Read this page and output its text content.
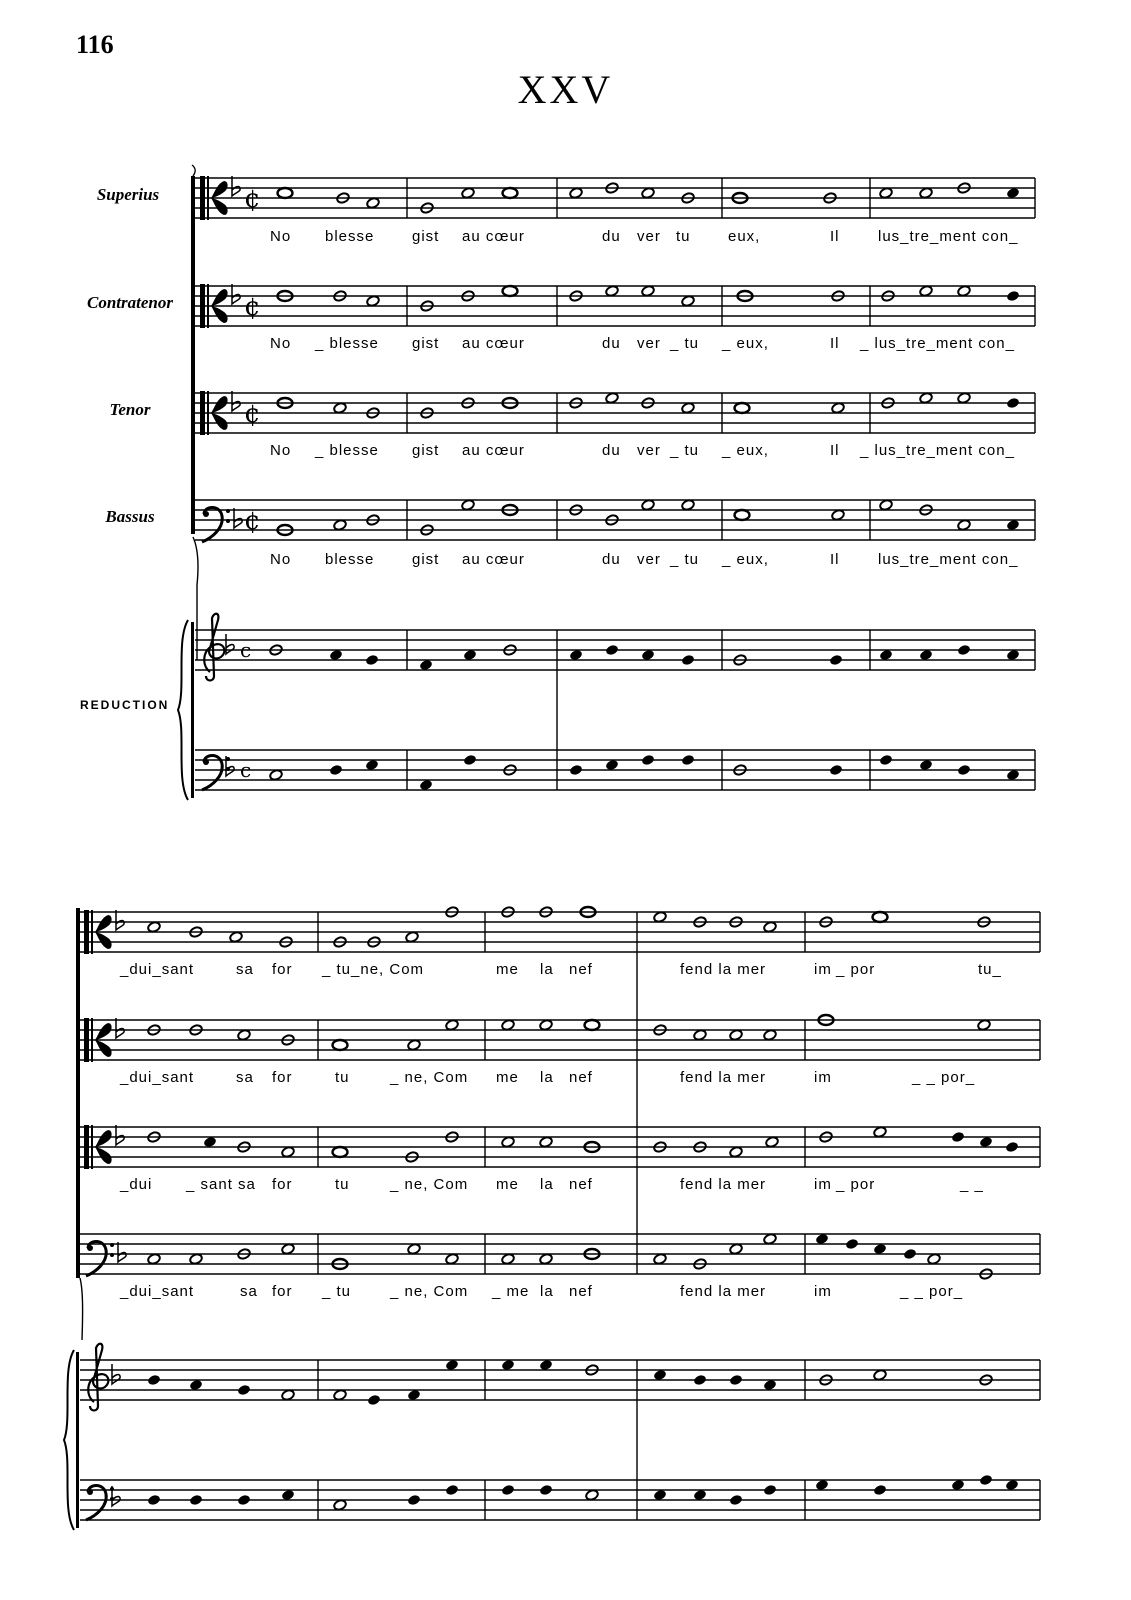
116
XXV
Superius
Contratenor
Tenor
Bassus
REDUCTION
No blesse	gist au cœur	du ver tu eux,	Il	lus_tre_ment con_
No _ blesse gist au cœur	du ver _ tu _ eux,	Il _ lus_tre_ment con_
No _ blesse gist au cœur	du ver _ tu _ eux,	Il _ lus_tre_ment con_
No blesse	gist au cœur	du ver _ tu _ eux,	Il	lus_tre_ment con_
_dui_sant	sa for _ tu_ne, Com	me la nef	fend la mer	im _ por	tu_
_dui_sant	sa for	tu	_ ne, Com me la nef	fend la mer	im	_ _ por_
_dui _ sant sa for	tu	_ ne, Com me la nef	fend la mer	im _ por	_ _
_dui_sant	sa for _ tu	_ ne, Com _ me la nef	fend la mer	im	_ _ por_
¢
¢
¢
¢
c
c
